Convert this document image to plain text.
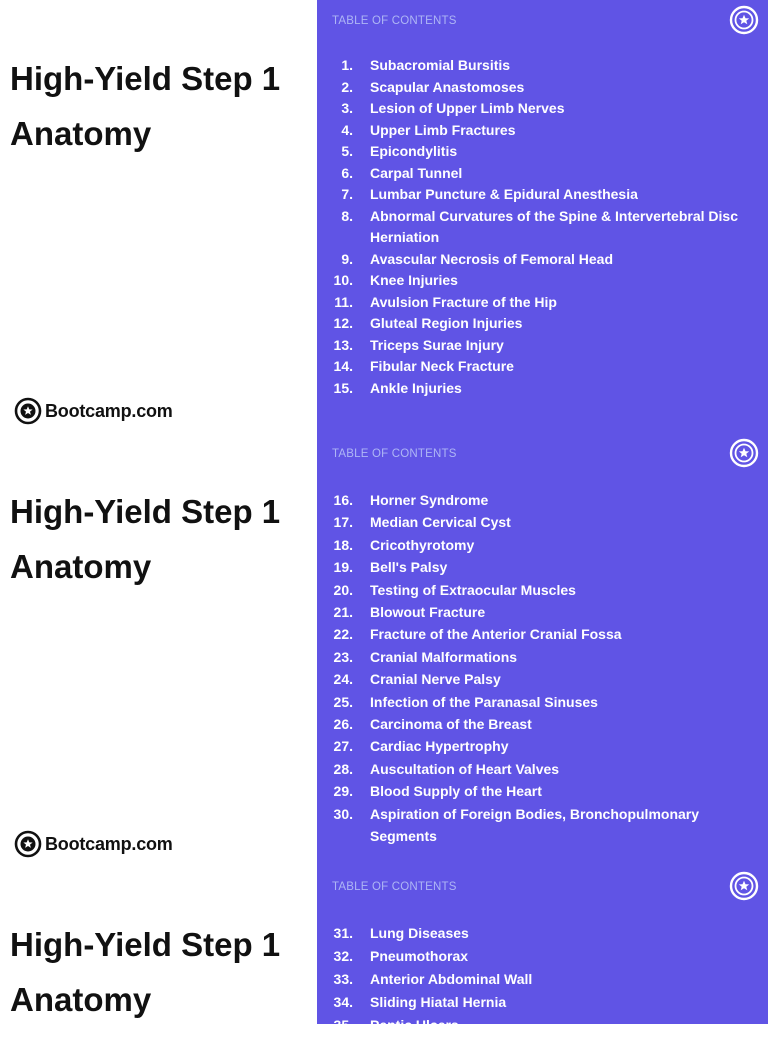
High-Yield Step 1
Anatomy
Bootcamp.com
TABLE OF CONTENTS
1.	Subacromial Bursitis
2.	Scapular Anastomoses
3.	Lesion of Upper Limb Nerves
4.	Upper Limb Fractures
5.	Epicondylitis
6.	Carpal Tunnel
7.	Lumbar Puncture & Epidural Anesthesia
8.	Abnormal Curvatures of the Spine & Intervertebral Disc Herniation
9.	Avascular Necrosis of Femoral Head
10.	Knee Injuries
11.	Avulsion Fracture of the Hip
12.	Gluteal Region Injuries
13.	Triceps Surae Injury
14.	Fibular Neck Fracture
15.	Ankle Injuries
High-Yield Step 1
Anatomy
Bootcamp.com
TABLE OF CONTENTS
16.	Horner Syndrome
17.	Median Cervical Cyst
18.	Cricothyrotomy
19.	Bell's Palsy
20.	Testing of Extraocular Muscles
21.	Blowout Fracture
22.	Fracture of the Anterior Cranial Fossa
23.	Cranial Malformations
24.	Cranial Nerve Palsy
25.	Infection of the Paranasal Sinuses
26.	Carcinoma of the Breast
27.	Cardiac Hypertrophy
28.	Auscultation of Heart Valves
29.	Blood Supply of the Heart
30.	Aspiration of Foreign Bodies, Bronchopulmonary Segments
High-Yield Step 1
Anatomy
TABLE OF CONTENTS
31.	Lung Diseases
32.	Pneumothorax
33.	Anterior Abdominal Wall
34.	Sliding Hiatal Hernia
35.	Peptic Ulcers
